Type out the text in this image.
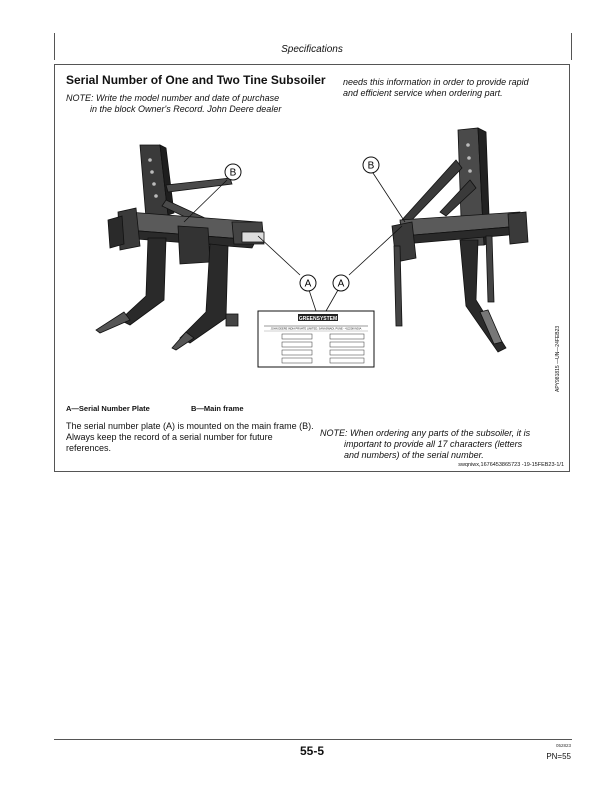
Specifications
Serial Number of One and Two Tine Subsoiler
NOTE: Write the model number and date of purchase
in the block Owner's Record. John Deere dealer
needs this information in order to provide rapid
and efficient service when ordering part.
GREENSYSTEM
JOHN DEERE INDIA PRIVATE LIMITED, SANASWADI, PUNE - 412208 INDIA
A	A
B
B
APY981815 —UN—24FEB23
A—Serial Number Plate	B—Main frame
The serial number plate (A) is mounted on the main frame (B). Always keep the record of a serial number for future references.
NOTE: When ordering any parts of the subsoiler, it is
important to provide all 17 characters (letters
and numbers) of the serial number.
swqniwx,1676453865723 -19-15FEB23-1/1
55-5	052823
PN=55
